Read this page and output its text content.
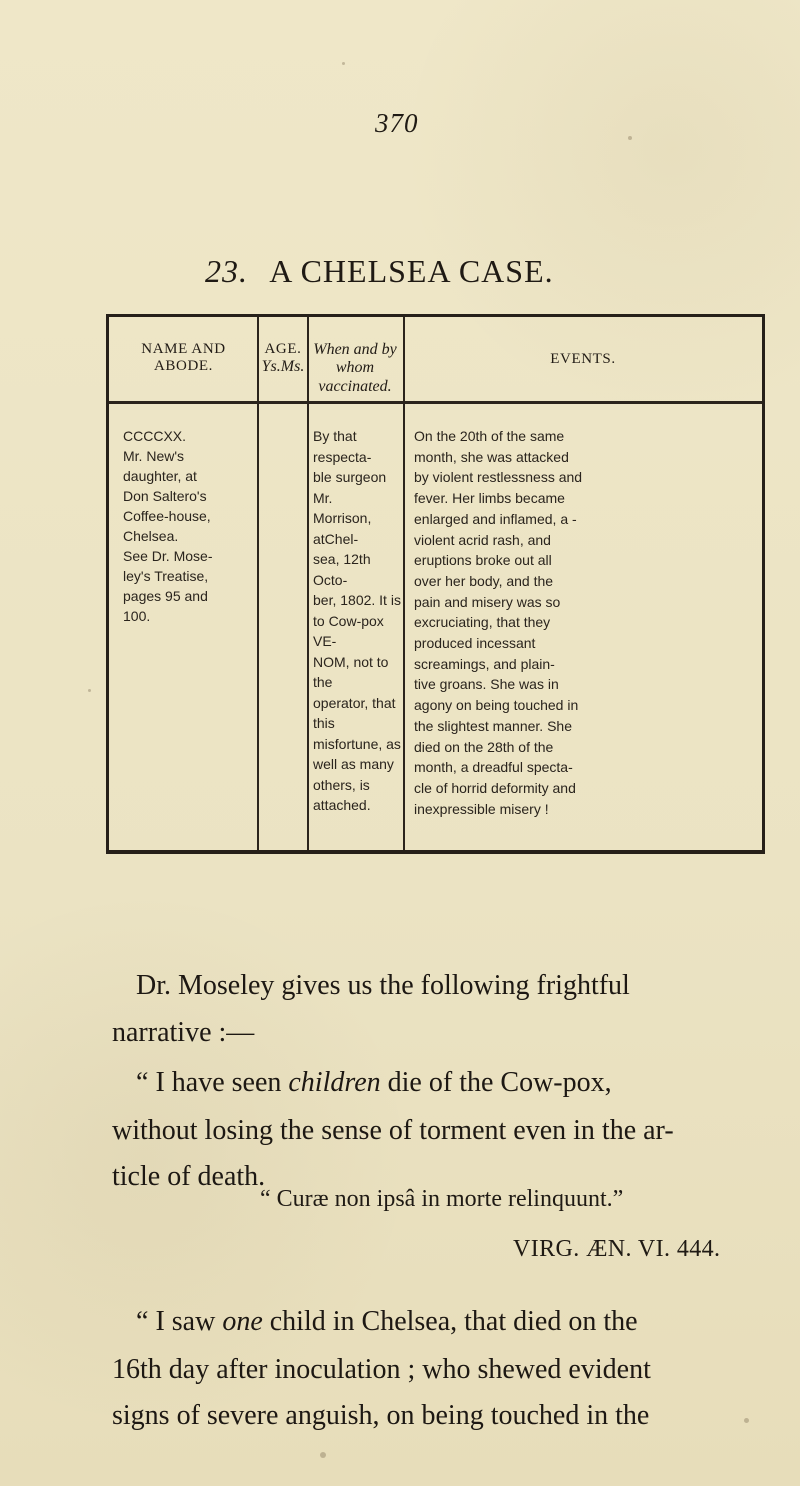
370
23. A CHELSEA CASE.
NAME AND
ABODE.
AGE.
Ys.Ms.
When and by whom
vaccinated.
EVENTS.
CCCCXX.
Mr. New's
daughter, at
Don Saltero's
Coffee-house,
Chelsea.
See Dr. Mose-
ley's Treatise,
pages 95 and
100.
By that respecta-
ble surgeon Mr.
Morrison, atChel-
sea, 12th Octo-
ber, 1802. It is
to Cow-pox VE-
NOM, not to the
operator, that this
misfortune, as
well as many
others, is attached.
On the 20th of the same
month, she was attacked
by violent restlessness and
fever. Her limbs became
enlarged and inflamed, a -
violent acrid rash, and
eruptions broke out all
over her body, and the
pain and misery was so
excruciating, that they
produced incessant
screamings, and plain-
tive groans. She was in
agony on being touched in
the slightest manner. She
died on the 28th of the
month, a dreadful specta-
cle of horrid deformity and
inexpressible misery !
Dr. Moseley gives us the following frightful
narrative :—
“ I have seen children die of the Cow-pox,
without losing the sense of torment even in the ar-
ticle of death.
“ I saw one child in Chelsea, that died on the
16th day after inoculation ; who shewed evident
signs of severe anguish, on being touched in the
“ Curæ non ipsâ in morte relinquunt.”
VIRG. ÆN. VI. 444.
